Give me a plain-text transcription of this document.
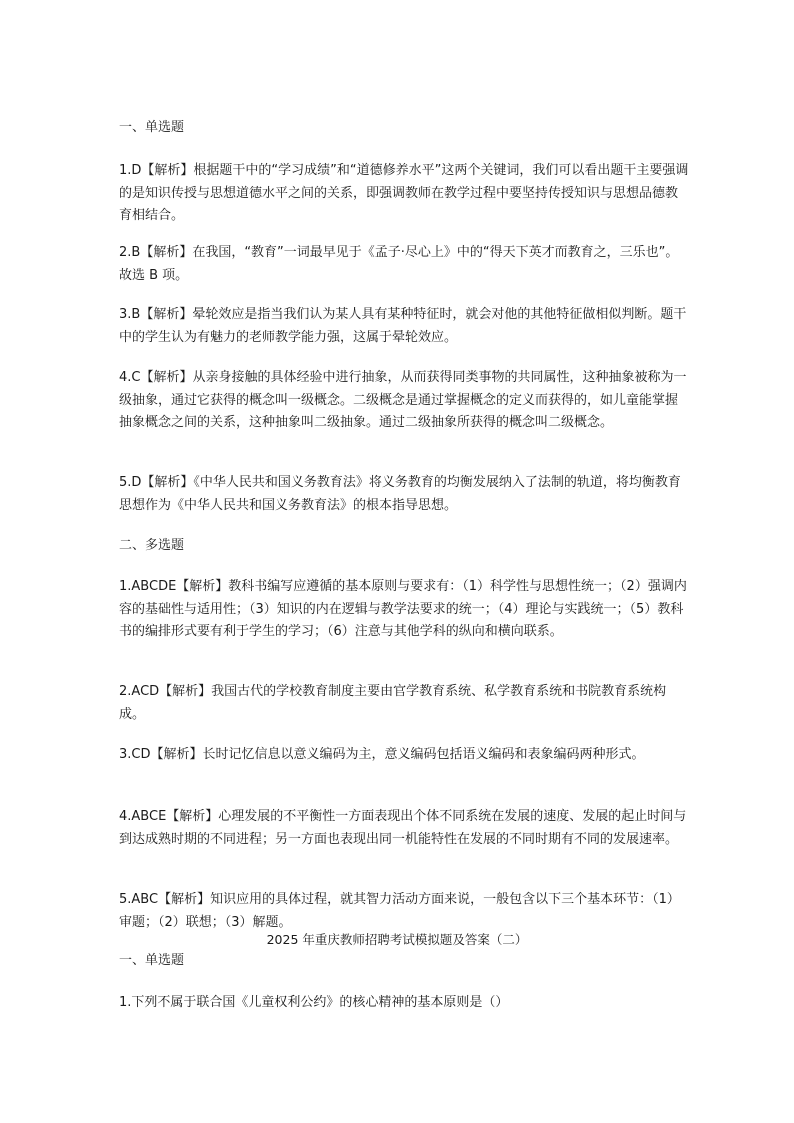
一、单选题

1.D【解析】根据题干中的“学习成绩”和“道德修养水平”这两个关键词，我们可以看出题干主要强调的是知识传授与思想道德水平之间的关系，即强调教师在教学过程中要坚持传授知识与思想品德教育相结合。

2.B【解析】在我国，“教育”一词最早见于《孟子·尽心上》中的“得天下英才而教育之，三乐也”。故选 B 项。

3.B【解析】晕轮效应是指当我们认为某人具有某种特征时，就会对他的其他特征做相似判断。题干中的学生认为有魅力的老师教学能力强，这属于晕轮效应。

4.C【解析】从亲身接触的具体经验中进行抽象，从而获得同类事物的共同属性，这种抽象被称为一级抽象，通过它获得的概念叫一级概念。二级概念是通过掌握概念的定义而获得的，如儿童能掌握抽象概念之间的关系，这种抽象叫二级抽象。通过二级抽象所获得的概念叫二级概念。

5.D【解析】《中华人民共和国义务教育法》将义务教育的均衡发展纳入了法制的轨道，将均衡教育思想作为《中华人民共和国义务教育法》的根本指导思想。

二、多选题

1.ABCDE【解析】教科书编写应遵循的基本原则与要求有：（1）科学性与思想性统一；（2）强调内容的基础性与适用性；（3）知识的内在逻辑与教学法要求的统一；（4）理论与实践统一；（5）教科书的编排形式要有利于学生的学习；（6）注意与其他学科的纵向和横向联系。

2.ACD【解析】我国古代的学校教育制度主要由官学教育系统、私学教育系统和书院教育系统构成。

3.CD【解析】长时记忆信息以意义编码为主，意义编码包括语义编码和表象编码两种形式。

4.ABCE【解析】心理发展的不平衡性一方面表现出个体不同系统在发展的速度、发展的起止时间与到达成熟时期的不同进程；另一方面也表现出同一机能特性在发展的不同时期有不同的发展速率。

5.ABC【解析】知识应用的具体过程，就其智力活动方面来说，一般包含以下三个基本环节：（1）审题；（2）联想；（3）解题。

2025 年重庆教师招聘考试模拟题及答案（二）

一、单选题

1.下列不属于联合国《儿童权利公约》的核心精神的基本原则是（）
